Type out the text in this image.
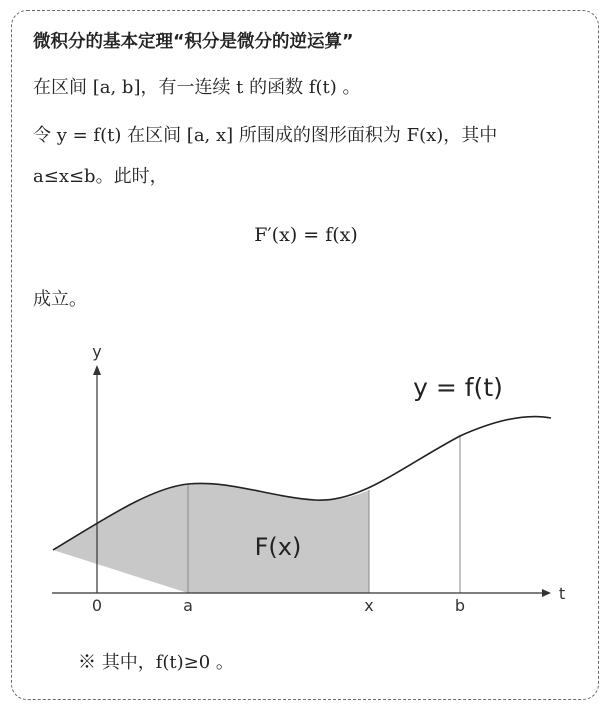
微积分的基本定理“积分是微分的逆运算”
在区间 [a, b]，有一连续 t 的函数 f(t) 。
令 y = f(t) 在区间 [a, x] 所围成的图形面积为 F(x)，其中
a≤x≤b。此时，
F′(x) = f(x)
成立。
y
t
y = f(t)
F(x)
0	a	x	b
※ 其中，f(t)≥0 。
